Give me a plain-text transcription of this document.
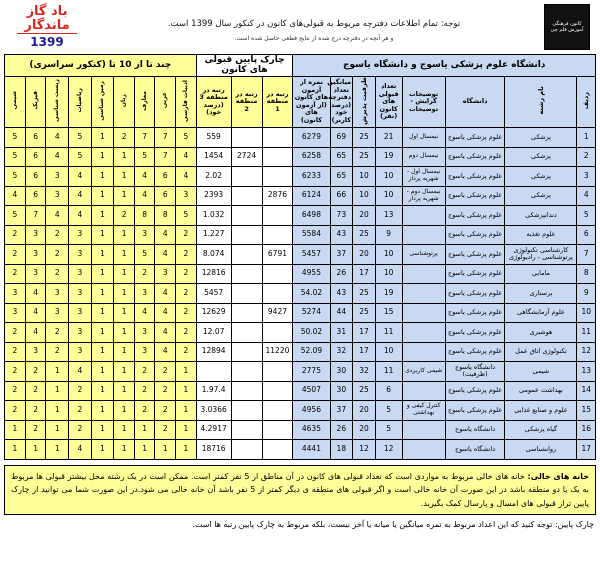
کانون فرهنگی آموزش قلم چی
توجه: تمام اطلاعات دفترچه مربوط به قبولی‌های کانون در کنکور سال 1399 است.
و هر آنچه در دفترچه درج شده از نتایج قطعی حاصل شده است.
باد گاز
ماندگار
1399
دانشگاه علوم پزشکی یاسوج و دانشگاه یاسوج								چارک پایین قبولی های کانون			چند تا از 10 تا (کنکور سراسری)								
ردیف	نام رشته	دانشگاه	توضیحات گرایش - توضیحات	تعداد قبولی های کانون (نفر)	ظرفیت پذیرش	میانگین تعداد دفترچه (درصد خود کاربر)	نمره از آزمون های کانون (از آزمون های کانون)	رتبه در منطقه 1	رتبه در منطقه 2	رتبه در منطقه 3 (درصد خود)	ادبیات فارسی	عربی	معارف	زبان	زمین شناسی	ریاضیات	زیست شناسی	فیزیک	شیمی
1	پزشکی	علوم پزشکی یاسوج	نیمسال اول	21	25	69	6279			559	5	7	7	2	1	5	4	6	5
2	پزشکی	علوم پزشکی یاسوج	نیمسال دوم	19	25	65	6258		2724	1454	4	7	5	1	1	5	4	6	5
3	پزشکی	علوم پزشکی یاسوج	نیمسال اول - شهریه پرداز	10	10	65	6233			2.02	4	6	4	1	1	4	3	6	5
4	پزشکی	علوم پزشکی یاسوج	نیمسال دوم - شهریه پرداز	10	10	66	6124	2876		2393	3	6	4	1	1	4	3	6	4
5	دندانپزشکی	علوم پزشکی یاسوج		13	20	73	6498			1.032	5	8	8	2	1	4	4	7	5
6	علوم تغذیه	علوم پزشکی یاسوج		9	25	43	5584			1.227	2	4	3	1	1	3	2	3	2
7	کارشناسی تکنولوژی پرتوشناسی - رادیولوژی	علوم پزشکی یاسوج	پرتوشناسی	10	20	37	5457	6791		8.074	2	4	5	1	1	3	2	3	2
8	مامایی	علوم پزشکی یاسوج		10	17	26	4955			12816	2	3	2	1	1	3	2	3	2
9	پرستاری	علوم پزشکی یاسوج		19	25	43	54.02			5457	2	4	3	1	1	3	3	4	3
10	علوم آزمایشگاهی	علوم پزشکی یاسوج		15	25	44	5274	9427		12629	2	4	4	1	1	3	3	4	3
11	هوشبری	علوم پزشکی یاسوج		11	17	31	50.02			12.07	2	4	3	1	1	3	2	4	2
12	تکنولوژی اتاق عمل	علوم پزشکی یاسوج		10	17	32	52.09	11220		12894	2	4	3	1	1	3	2	3	2
13	شیمی	دانشگاه یاسوج (ظرفیت)	شیمی کاربردی	11	32	30	2775				1	2	2	1	1	4	1	2	2
14	بهداشت عمومی	علوم پزشکی یاسوج		6	25	30	4507			1.97.4	1	2	2	1	1	2	1	2	2
15	علوم و صنایع غذایی	علوم پزشکی یاسوج	کنترل کیفی و بهداشتی	5	20	37	4956			3.0366	1	2	2	1	1	2	1	2	2
16	گیاه پزشکی	دانشگاه یاسوج		5	20	26	4635			4.2917	1	2	1	1	1	2	1	2	1
17	روانشناسی	دانشگاه یاسوج		12	12	18	4441			18716	1	1	1	1	1	4	1	1	1
خانه های خالی: خانه های خالی مربوط به مواردی است که تعداد قبولی های کانون در آن مناطق از 5 نفر کمتر است. ممکن است در یک رشته محل بیشتر قبولی ها مربوط به یک یا دو منطقه باشد در این صورت آن خانه خالی است و اگر قبولی های منطقه ی دیگر کمتر از 5 نفر باشد آن خانه خالی می شود.در این صورت شما می توانید از چارک پایین تراز قبولی های امسال و پارسال کمک بگیرید.
چارک پایین: توجه کنید که این اعداد مربوط به نمره میانگین یا میانه یا آخر نیست، بلکه مربوط به چارک پایین رتبه ها است.
